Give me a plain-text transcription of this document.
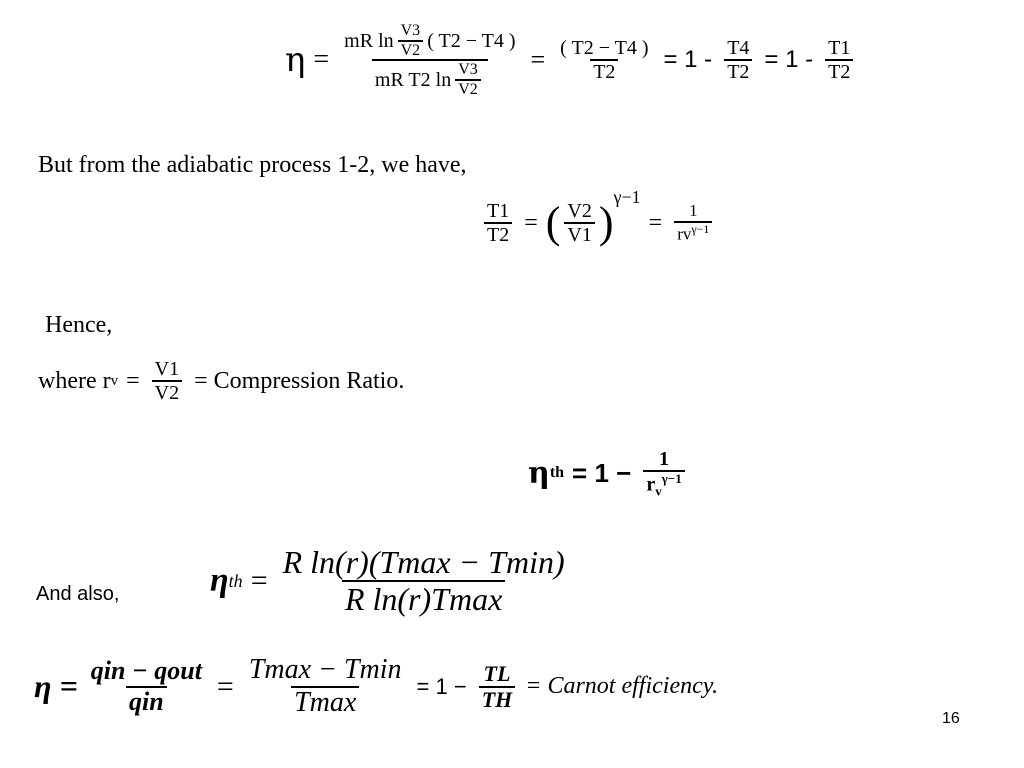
$\eta = \frac{mR \ln \frac{V3}{V2} ( T2 - T4 )}{mR T2 \ln \frac{V3}{V2}} = \frac{( T2 - T4 )}{T2} = 1 - \frac{T4}{T2} = 1 - \frac{T1}{T2}$
But from the adiabatic process 1-2, we have,
$\frac{T1}{T2}$ = ( $\frac{V2}{V1}$ )
γ−1
= $\frac{1}{rv^{\gamma-1}}$
Hence,
where r $v = \frac{V1}{V2}$ = Compression Ratio.
η th = $1 - \frac{1}{r_v^{\gamma-1}}$
And also,	η th = $\frac{\text{R ln(r)(Tmax − Tmin)}}{\text{R ln(r)Tmax}}$
$\eta = \frac{\text{qin − qout}}{\text{qin}} = \frac{Tmax - Tmin}{Tmax} = 1 - \frac{TL}{TH}$ = Carnot efficiency.
16
